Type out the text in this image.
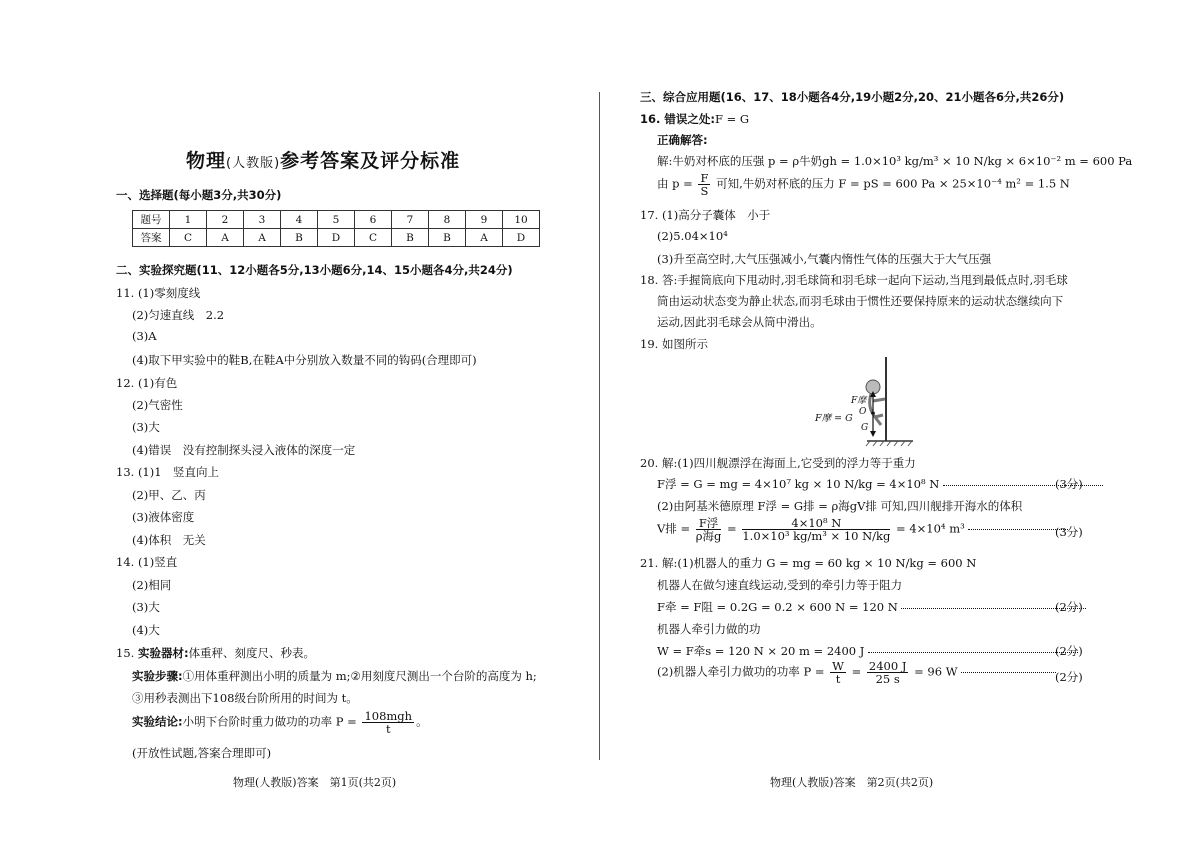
物理(人教版)参考答案及评分标准
一、选择题(每小题3分,共30分)
题号	1	2	3	4	5	6	7	8	9	10
答案	C	A	A	B	D	C	B	B	A	D
二、实验探究题(11、12小题各5分,13小题6分,14、15小题各4分,共24分)
11. (1)零刻度线
(2)匀速直线　2.2
(3)A
(4)取下甲实验中的鞋B,在鞋A中分别放入数量不同的钩码(合理即可)
12. (1)有色
(2)气密性
(3)大
(4)错误　没有控制探头浸入液体的深度一定
13. (1)1　竖直向上
(2)甲、乙、丙
(3)液体密度
(4)体积　无关
14. (1)竖直
(2)相同
(3)大
(4)大
15. 实验器材:体重秤、刻度尺、秒表。
实验步骤:①用体重秤测出小明的质量为 m;②用刻度尺测出一个台阶的高度为 h;
③用秒表测出下108级台阶所用的时间为 t。
实验结论:小明下台阶时重力做功的功率 $P = \frac{\text{108mgh}}{t}$ 。
(开放性试题,答案合理即可)
物理(人教版)答案　第1页(共2页)
三、综合应用题(16、17、18小题各4分,19小题2分,20、21小题各6分,共26分)
16. 错误之处:F = G
正确解答:
解:牛奶对杯底的压强 p = ρ牛奶gh = 1.0×10³ kg/m³ × 10 N/kg × 6×10⁻² m = 600 Pa
由 $p = \frac{F}{S}$ 可知,牛奶对杯底的压力 F = pS = 600 Pa × 25×10⁻⁴ m² = 1.5 N
17. (1)高分子囊体　小于
(2)5.04×10⁴
(3)升至高空时,大气压强减小,气囊内惰性气体的压强大于大气压强
18. 答:手握筒底向下甩动时,羽毛球筒和羽毛球一起向下运动,当甩到最低点时,羽毛球
筒由运动状态变为静止状态,而羽毛球由于惯性还要保持原来的运动状态继续向下
运动,因此羽毛球会从筒中滑出。
19. 如图所示
F摩 = G
F摩
O
G
20. 解:(1)四川舰漂浮在海面上,它受到的浮力等于重力
F浮 = G = mg = 4×10⁷ kg × 10 N/kg = 4×10⁸ N	(3分)
(2)由阿基米德原理 F浮 = G排 = ρ海gV排 可知,四川舰排开海水的体积
V排 = $\frac{\text{F浮}}{\text{ρ海g}} = \frac{\text{4×10⁸ N}}{\text{1.0×10³ kg/m³ × 10 N/kg}} = 4\times 10^4$ m³	(3分)
21. 解:(1)机器人的重力 G = mg = 60 kg × 10 N/kg = 600 N
机器人在做匀速直线运动,受到的牵引力等于阻力
F牵 = F阻 = 0.2G = 0.2 × 600 N = 120 N	(2分)
机器人牵引力做的功
W = F牵s = 120 N × 20 m = 2400 J	(2分)
(2)机器人牵引力做功的功率 $P = \frac{W}{t} = \frac{2400 J}{25 s} = 96$ W	(2分)
物理(人教版)答案　第2页(共2页)
